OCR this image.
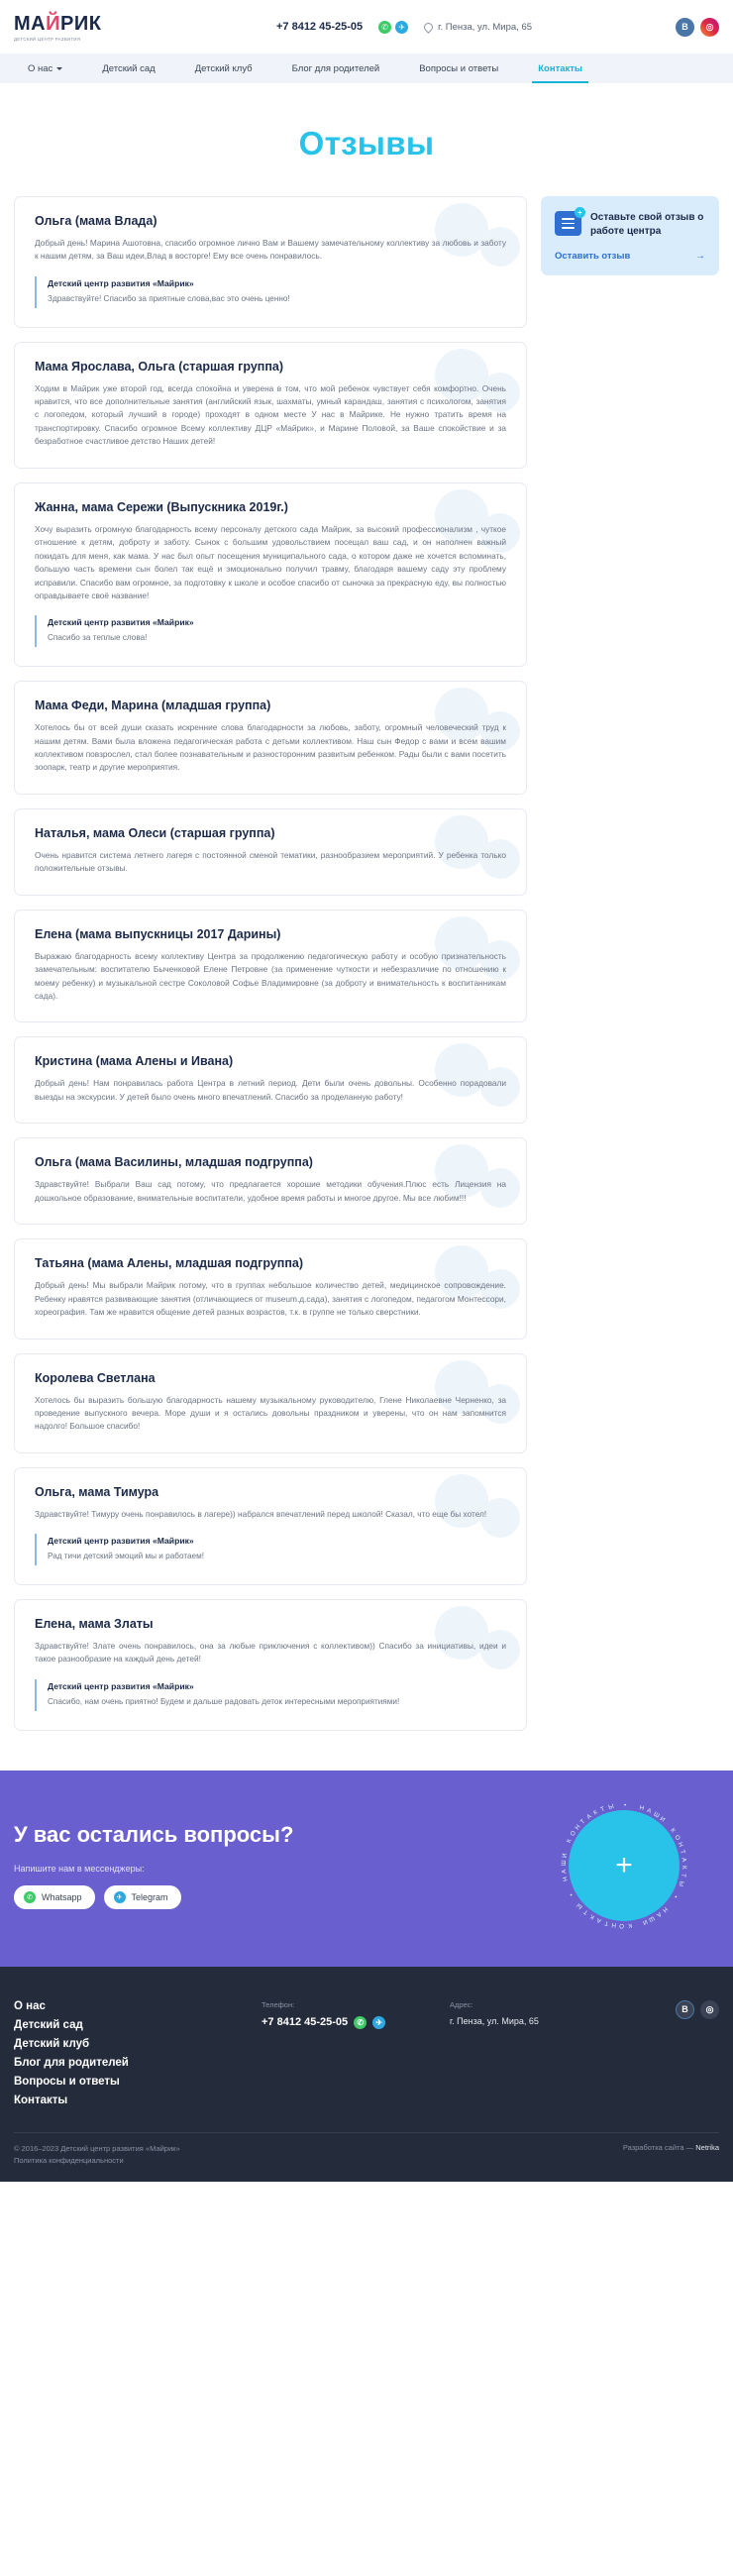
МАЙРИК
ДЕТСКИЙ ЦЕНТР РАЗВИТИЯ
+7 8412 45-25-05	✆	✈	г. Пенза, ул. Мира, 65	В	◎
О нас	Детский сад	Детский клуб	Блог для родителей	Вопросы и ответы	Контакты
Отзывы
Ольга (мама Влада)
Добрый день! Марина Ашотовна, спасибо огромное лично Вам и Вашему замечательному коллективу за любовь и заботу к нашим детям, за Ваш идеи,Влад в восторге! Ему все очень понравилось.
Детский центр развития «Майрик»
Здравствуйте! Спасибо за приятные слова,ваc это очень ценно!
Мама Ярослава, Ольга (старшая группа)
Ходим в Майрик уже второй год, всегда спокойна и уверена в том, что мой ребенок чувствует себя комфортно. Очень нравится, что все дополнительные занятия (английский язык, шахматы, умный карандаш, занятия с психологом, занятия с логопедом, который лучший в городе) проходят в одном месте У нас в Майрике. Не нужно тратить время на транспортировку. Спасибо огромное Всему коллективу ДЦР «Майрик», и Марине Половой, за Ваше спокойствие и за безработное счастливое детство Наших детей!
Жанна, мама Сережи (Выпускника 2019г.)
Хочу выразить огромную благодарность всему персоналу детского сада Майрик, за высокий профессионализм , чуткое отношение к детям, доброту и заботу. Сынок с большим удовольствием посещал ваш сад, и он наполнен важный покидать для меня, как мама. У нас был опыт посещения муниципального сада, о котором даже не хочется вспоминать, большую часть времени сын болел так ещё и эмоционально получил травму, благодаря вашему саду эту проблему исправили. Спасибо вам огромное, за подготовку к школе и особое спасибо от сыночка за прекрасную еду, вы полностью оправдываете своё название!
Детский центр развития «Майрик»
Спасибо за теплые слова!
Мама Феди, Марина (младшая группа)
Хотелось бы от всей души сказать искренние слова благодарности за любовь, заботу, огромный человеческий труд к нашим детям. Вами была вложена педагогическая работа с детьми коллективом. Наш сын Федор с вами и всем вашим коллективом повзрослел, стал более познавательным и разносторонним развитым ребенком. Рады были с вами посетить зоопарк, театр и другие мероприятия.
Наталья, мама Олеси (старшая группа)
Очень нравится система летнего лагеря с постоянной сменой тематики, разнообразием мероприятий. У ребенка только положительные отзывы.
Елена (мама выпускницы 2017 Дарины)
Выражаю благодарность всему коллективу Центра за продолжению педагогическую работу и особую признательность замечательным: воспитателю Быченковой Елене Петровне (за применение чуткости и небезразличие по отношению к моему ребенку) и музыкальной сестре Соколовой Софье Владимировне (за доброту и внимательность к воспитанникам сада).
Кристина (мама Алены и Ивана)
Добрый день! Нам понравилась работа Центра в летний период. Дети были очень довольны. Особенно порадовали выезды на экскурсии. У детей было очень много впечатлений. Спасибо за проделанную работу!
Ольга (мама Василины, младшая подгруппа)
Здравствуйте! Выбрали Ваш сад потому, что предлагается хорошие методики обучения.Плюс есть Лицензия на дошкольное образование, внимательные воспитатели, удобное время работы и многое другое. Мы все любим!!!
Татьяна (мама Алены, младшая подгруппа)
Добрый день! Мы выбрали Майрик потому, что в группах небольшое количество детей, медицинское сопровождение. Ребенку нравятся развивающие занятия (отличающиеся от museum.д.сада), занятия с логопедом, педагогом Монтессори, хореография. Там же нравится общение детей разных возрастов, т.к. в группе не только сверстники.
Королева Светлана
Хотелось бы выразить большую благодарность нашему музыкальному руководителю, Глене Николаевне Черненко, за проведение выпускного вечера. Море души и я остались довольны праздником и уверены, что он нам запомнится надолго! Большое спасибо!
Ольга, мама Тимура
Здравствуйте! Тимуру очень понравилось в лагере)) набралcя впечатлений перед школой! Сказал, что еще бы хотел!
Детский центр развития «Майрик»
Рад тичи детский эмоций мы и работаем!
Елена, мама Златы
Здравствуйте! Злате очень понравилось, она за любые приключения с коллективом)) Спасибо за инициативы, идеи и такое разнообразие на каждый день детей!
Детский центр развития «Майрик»
Спасибо, нам очень приятно! Будем и дальше радовать деток интересными мероприятиями!
+ Оставьте свой отзыв о работе центра
Оставить отзыв	→
У вас остались вопросы?
Напишите нам в мессенджеры:
✆	Whatsapp	✈	Telegram
• Н А Ш
И
К
О
Н
Т
А
К
Т
Ы
•
Н
А
Ш
И
К
О
Н
Т
А
К
Т
Ы
•
Н
А
Ш
И
К
О
Н
Т
А К Т Ы
+
О нас
Детский сад
Детский клуб
Блог для родителей
Вопросы и ответы
Контакты
Телефон:
+7 8412 45-25-05	✆	✈
Адрес:
г. Пенза, ул. Мира, 65
В	◎
© 2016–2023 Детский центр развития «Майрик»
Политика конфиденциальности
Разработка сайта — Netrika
